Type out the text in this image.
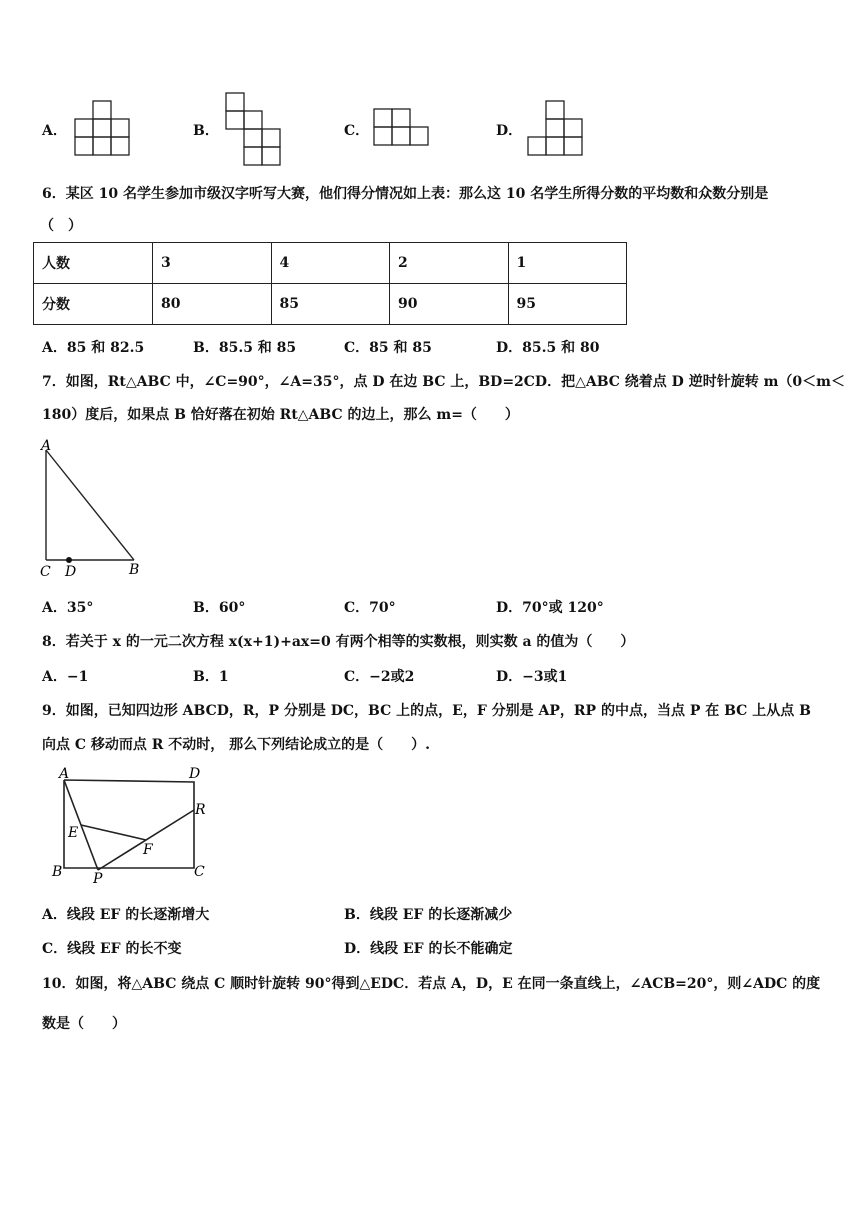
A．	B．	C．	D．
6．某区 10 名学生参加市级汉字听写大赛，他们得分情况如上表：那么这 10 名学生所得分数的平均数和众数分别是
（　）
人数	3	4	2	1
分数	80	85	90	95
A．85 和 82.5	B．85.5 和 85	C．85 和 85	D．85.5 和 80
7．如图，Rt△ABC 中，∠C=90°，∠A=35°，点 D 在边 BC 上，BD=2CD．把△ABC 绕着点 D 逆时针旋转 m（0＜m＜
180）度后，如果点 B 恰好落在初始 Rt△ABC 的边上，那么 m=（　　）
A
C D	B
A．35°	B．60°	C．70°	D．70°或 120°
8．若关于 x 的一元二次方程 x(x+1)+ax=0 有两个相等的实数根，则实数 a 的值为（　　）
A．−1	B．1	C．−2或2	D．−3或1
9．如图，已知四边形 ABCD，R，P 分别是 DC，BC 上的点，E，F 分别是 AP，RP 的中点，当点 P 在 BC 上从点 B
向点 C 移动而点 R 不动时， 那么下列结论成立的是（　　）.
A	D
R
E
F
B P	C
A．线段 EF 的长逐渐增大	B．线段 EF 的长逐渐减少
C．线段 EF 的长不变	D．线段 EF 的长不能确定
10．如图，将△ABC 绕点 C 顺时针旋转 90°得到△EDC．若点 A，D，E 在同一条直线上，∠ACB=20°，则∠ADC 的度
数是（　　）
